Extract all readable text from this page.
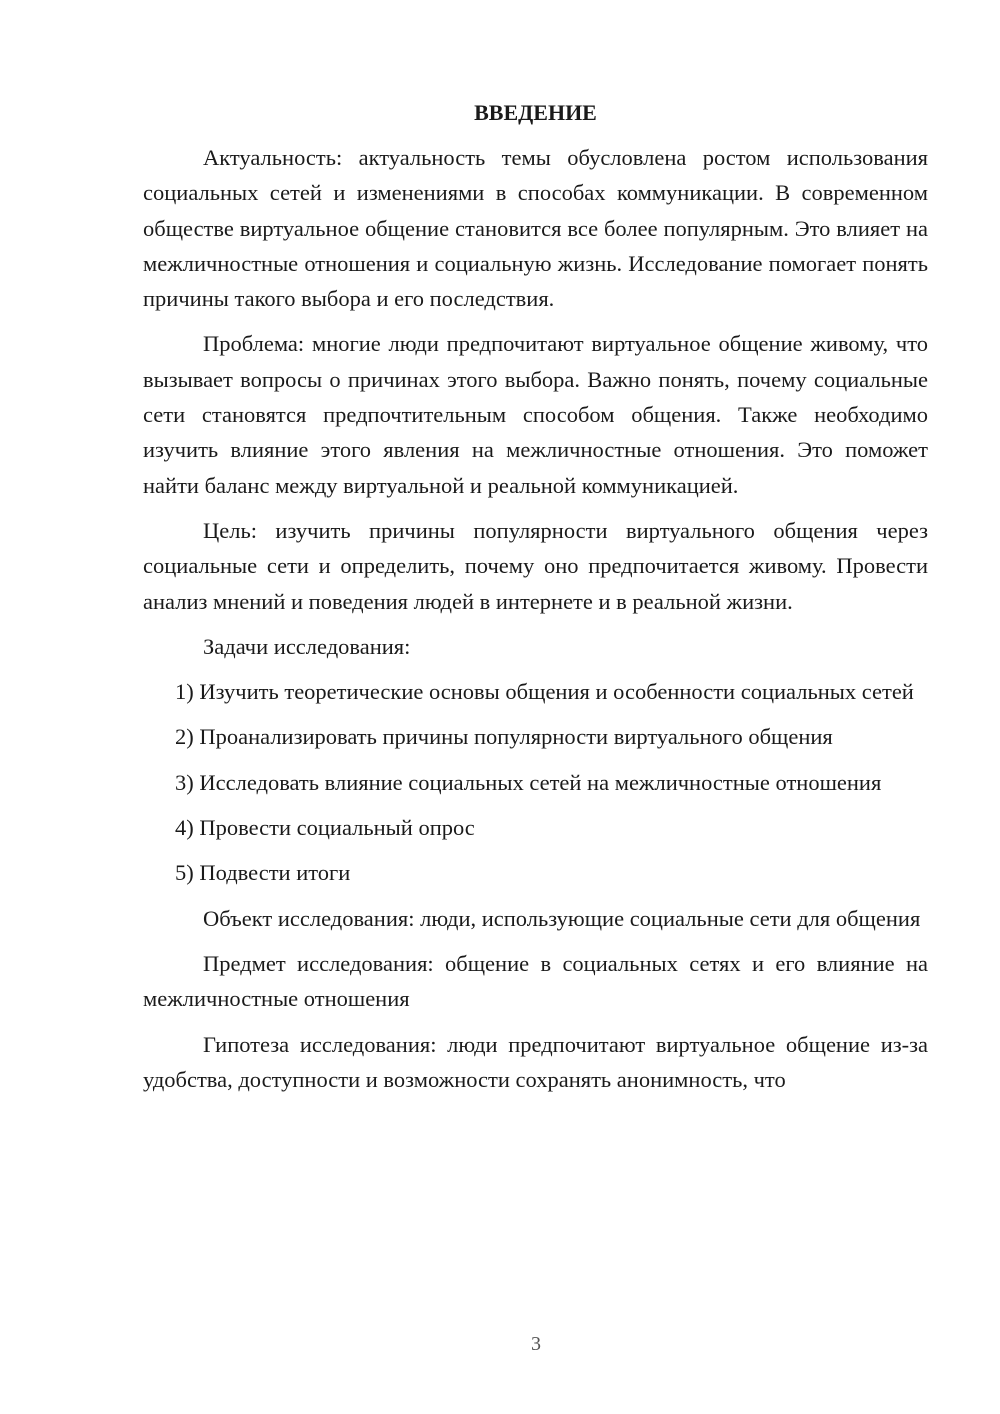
ВВЕДЕНИЕ

Актуальность: актуальность темы обусловлена ростом использования социальных сетей и изменениями в способах коммуникации. В современном обществе виртуальное общение становится все более популярным. Это влияет на межличностные отношения и социальную жизнь. Исследование помогает понять причины такого выбора и его последствия.

Проблема: многие люди предпочитают виртуальное общение живому, что вызывает вопросы о причинах этого выбора. Важно понять, почему социальные сети становятся предпочтительным способом общения. Также необходимо изучить влияние этого явления на межличностные отношения. Это поможет найти баланс между виртуальной и реальной коммуникацией.

Цель: изучить причины популярности виртуального общения через социальные сети и определить, почему оно предпочитается живому. Провести анализ мнений и поведения людей в интернете и в реальной жизни.

Задачи исследования:

1) Изучить теоретические основы общения и особенности социальных сетей

2) Проанализировать причины популярности виртуального общения

3) Исследовать влияние социальных сетей на межличностные отношения

4) Провести социальный опрос

5) Подвести итоги

Объект исследования: люди, использующие социальные сети для общения

Предмет исследования: общение в социальных сетях и его влияние на межличностные отношения

Гипотеза исследования: люди предпочитают виртуальное общение из-за удобства, доступности и возможности сохранять анонимность, что

3
